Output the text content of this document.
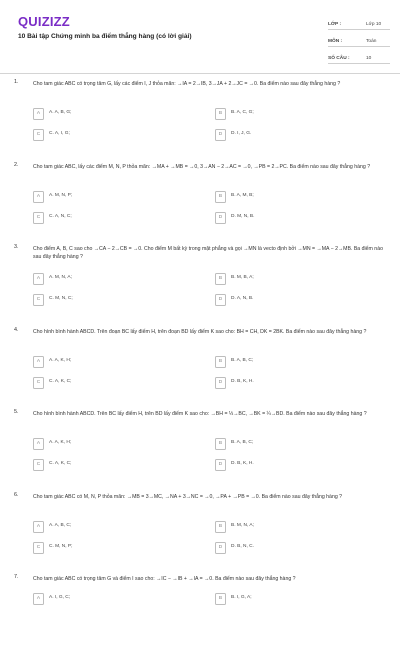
QUIZIZZ
10 Bài tập Chứng minh ba điểm thẳng hàng (có lời giải)
LỚP :	Lớp 10
MÔN :	Toán
SỐ CÂU :	10
1.	Cho tam giác ABC có trọng tâm G, lấy các điểm I, J thỏa mãn: →IA = 2→IB, 3→JA + 2→JC = →0. Ba điểm nào sau đây thẳng hàng ?
A	A. A, B, G;	B	B. A, C, G;
C	C. A, I, G;	D	D. I, J, G.
2.	Cho tam giác ABC, lấy các điểm M, N, P thỏa mãn: →MA + →MB = →0, 3→AN − 2→AC = →0, →PB = 2→PC. Ba điểm nào sau đây thẳng hàng ?
A	A. M, N, P;	B	B. A, M, B;
C	C. A, N, C;	D	D. M, N, B.
3.	Cho điểm A, B, C sao cho →CA − 2→CB = →0. Cho điểm M bất kỳ trong mặt phẳng và gọi →MN là vecto định bởi →MN = →MA − 2→MB. Ba điểm nào sau đây thẳng hàng ?
A	A. M, N, A;	B	B. M, B, A;
C	C. M, N, C;	D	D. A, N, B.
4.	Cho hình bình hành ABCD. Trên đoạn BC lấy điểm H, trên đoạn BD lấy điểm K sao cho: BH = CH, DK = 2BK. Ba điểm nào sau đây thẳng hàng ?
A	A. A, K, H;	B	B. A, B, C;
C	C. A, K, C;	D	D. B, K, H.
5.	Cho hình bình hành ABCD. Trên BC lấy điểm H, trên BD lấy điểm K sao cho: →BH = ⅓→BC, →BK = ¼→BD. Ba điểm nào sau đây thẳng hàng ?
A	A. A, K, H;	B	B. A, B, C;
C	C. A, K, C;	D	D. B, K, H.
6.	Cho tam giác ABC có M, N, P thỏa mãn: →MB = 3→MC, →NA + 3→NC = →0, →PA + →PB = →0. Ba điểm nào sau đây thẳng hàng ?
A	A. A, B, C;	B	B. M, N, A;
C	C. M, N, P;	D	D. B, N, C.
7.	Cho tam giác ABC có trọng tâm G và điểm I sao cho: →IC − →IB + →IA = →0. Ba điểm nào sau đây thẳng hàng ?
A	A. I, G, C;	B	B. I, G, A;
